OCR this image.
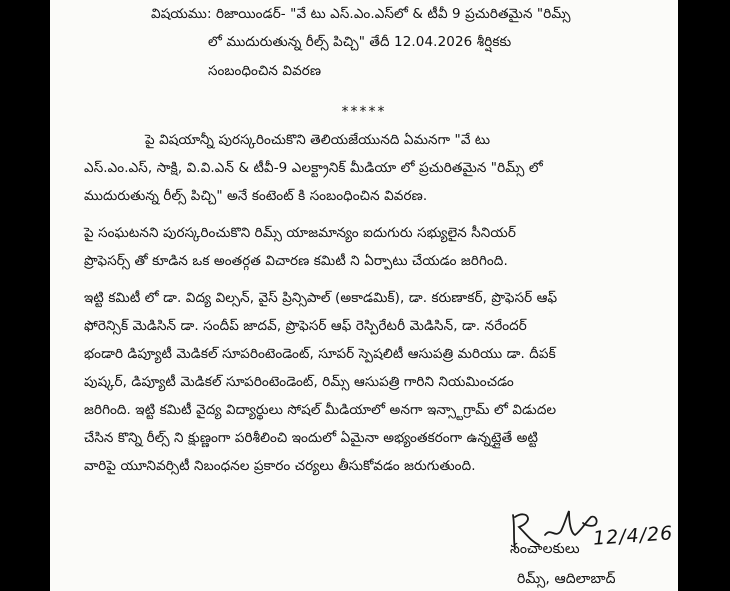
విషయము: రిజాయిండర్- "వే టు ఎస్.ఎం.ఎస్‌లో & టీవీ 9 ప్రచురితమైన "రిమ్స్
లో ముదురుతున్న రీల్స్ పిచ్చి" తేదీ 12.04.2026 శీర్షికకు
సంబంధించిన వివరణ
*****
పై విషయాన్నీ పురస్కరించుకొని తెలియజేయునది ఏమనగా "వే టు
ఎస్.ఎం.ఎస్, సాక్షి, వి.వి.ఎన్ & టీవీ-9 ఎలక్ట్రానిక్ మీడియా లో ప్రచురితమైన "రిమ్స్ లో
ముదురుతున్న రీల్స్ పిచ్చి" అనే కంటెంట్ కి సంబంధించిన వివరణ.
పై సంఘటనని పురస్కరించుకొని రిమ్స్ యాజమాన్యం ఐదుగురు సభ్యులైన సీనియర్
ప్రొఫెసర్స్ తో కూడిన ఒక అంతర్గత విచారణ కమిటీ ని ఏర్పాటు చేయడం జరిగింది.
ఇట్టి కమిటీ లో డా. విద్య విల్సన్, వైస్ ప్రిన్సిపాల్ (అకాడమిక్), డా. కరుణాకర్, ప్రొఫెసర్ ఆఫ్
ఫోరెన్సిక్ మెడిసిన్ డా. సందీప్ జాదవ్, ప్రొఫెసర్ ఆఫ్ రెస్పిరేటరీ మెడిసిన్, డా. నరేందర్
భండారి డిప్యూటీ మెడికల్ సూపరింటెండెంట్, సూపర్ స్పెషలిటీ ఆసుపత్రి మరియు డా. దీపక్
పుష్కర్, డిప్యూటీ మెడికల్ సూపరింటెండెంట్, రిమ్స్ ఆసుపత్రి గారిని నియమించడం
జరిగింది. ఇట్టి కమిటీ వైద్య విద్యార్థులు సోషల్ మీడియాలో అనగా ఇన్స్టాగ్రామ్ లో విడుదల
చేసిన కొన్ని రీల్స్ ని క్షుణ్ణంగా పరిశీలించి ఇందులో ఏమైనా అభ్యంతకరంగా ఉన్నట్లైతే అట్టి
వారిపై యూనివర్సిటీ నిబంధనల ప్రకారం చర్యలు తీసుకోవడం జరుగుతుంది.
సంచాలకులు 12/4/26
రిమ్స్, ఆదిలాబాద్
